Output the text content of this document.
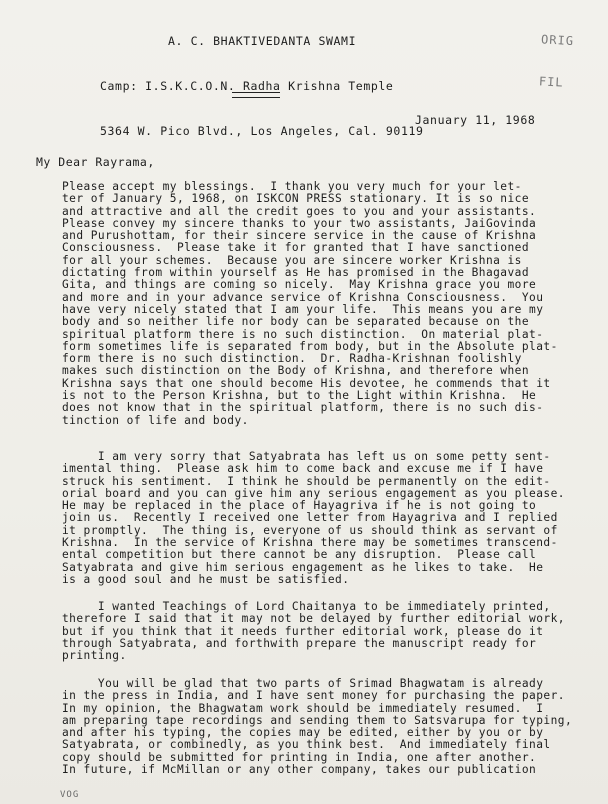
A. C. BHAKTIVEDANTA SWAMI

Camp: I.S.K.C.O.N. Radha Krishna Temple

5364 W. Pico Blvd., Los Angeles, Cal. 90119

ORIG

FIL

January 11, 1968
My Dear Rayrama,
Please accept my blessings.  I thank you very much for your let-
ter of January 5, 1968, on ISKCON PRESS stationary. It is so nice
and attractive and all the credit goes to you and your assistants.
Please convey my sincere thanks to your two assistants, JaiGovinda
and Purushottam, for their sincere service in the cause of Krishna
Consciousness.  Please take it for granted that I have sanctioned
for all your schemes.  Because you are sincere worker Krishna is
dictating from within yourself as He has promised in the Bhagavad
Gita, and things are coming so nicely.  May Krishna grace you more
and more and in your advance service of Krishna Consciousness.  You
have very nicely stated that I am your life.  This means you are my
body and so neither life nor body can be separated because on the
spiritual platform there is no such distinction.  On material plat-
form sometimes life is separated from body, but in the Absolute plat-
form there is no such distinction.  Dr. Radha-Krishnan foolishly
makes such distinction on the Body of Krishna, and therefore when
Krishna says that one should become His devotee, he commends that it
is not to the Person Krishna, but to the Light within Krishna.  He
does not know that in the spiritual platform, there is no such dis-
tinction of life and body.
I am very sorry that Satyabrata has left us on some petty sent-
imental thing.  Please ask him to come back and excuse me if I have
struck his sentiment.  I think he should be permanently on the edit-
orial board and you can give him any serious engagement as you please.
He may be replaced in the place of Hayagriva if he is not going to
join us.  Recently I received one letter from Hayagriva and I replied
it promptly.  The thing is, everyone of us should think as servant of
Krishna.  In the service of Krishna there may be sometimes transcend-
ental competition but there cannot be any disruption.  Please call
Satyabrata and give him serious engagement as he likes to take.  He
is a good soul and he must be satisfied.
I wanted Teachings of Lord Chaitanya to be immediately printed,
therefore I said that it may not be delayed by further editorial work,
but if you think that it needs further editorial work, please do it
through Satyabrata, and forthwith prepare the manuscript ready for
printing.
You will be glad that two parts of Srimad Bhagwatam is already
in the press in India, and I have sent money for purchasing the paper.
In my opinion, the Bhagwatam work should be immediately resumed.  I
am preparing tape recordings and sending them to Satsvarupa for typing,
and after his typing, the copies may be edited, either by you or by
Satyabrata, or combinedly, as you think best.  And immediately final
copy should be submitted for printing in India, one after another.
In future, if McMillan or any other company, takes our publication
VOG
